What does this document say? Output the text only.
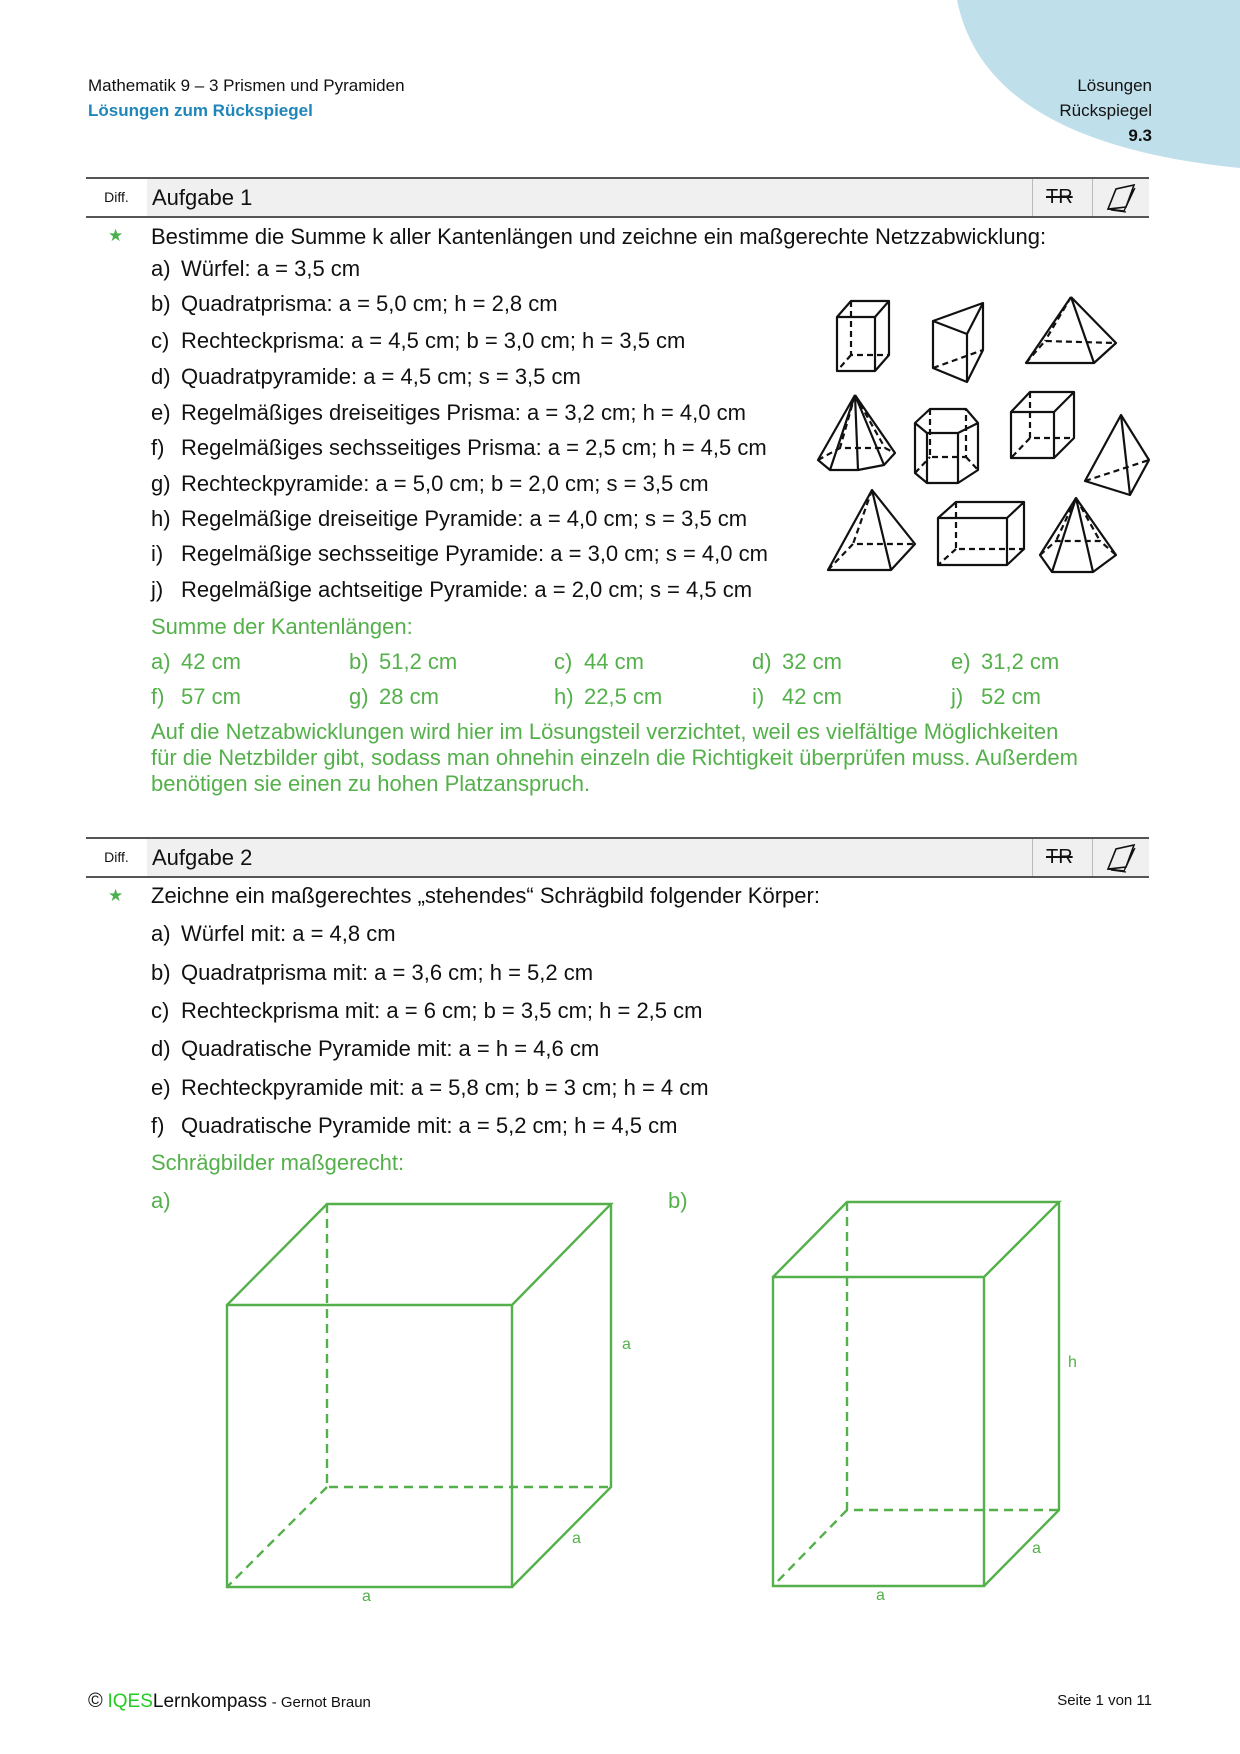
Mathematik 9 – 3 Prismen und Pyramiden
Lösungen zum Rückspiegel
Lösungen
Rückspiegel
9.3
Diff.	Aufgabe 1	TR
★ Bestimme die Summe k aller Kantenlängen und zeichne ein maßgerechte Netzzabwicklung:
a) Würfel: a = 3,5 cm
b) Quadratprisma: a = 5,0 cm; h = 2,8 cm
c) Rechteckprisma: a = 4,5 cm; b = 3,0 cm; h = 3,5 cm
d) Quadratpyramide: a = 4,5 cm; s = 3,5 cm
e) Regelmäßiges dreiseitiges Prisma: a = 3,2 cm; h = 4,0 cm
f) Regelmäßiges sechsseitiges Prisma: a = 2,5 cm; h = 4,5 cm
g) Rechteckpyramide: a = 5,0 cm; b = 2,0 cm; s = 3,5 cm
h) Regelmäßige dreiseitige Pyramide: a = 4,0 cm; s = 3,5 cm
i) Regelmäßige sechsseitige Pyramide: a = 3,0 cm; s = 4,0 cm
j) Regelmäßige achtseitige Pyramide: a = 2,0 cm; s = 4,5 cm
Summe der Kantenlängen:
a) 42 cm	b) 51,2 cm	c) 44 cm	d) 32 cm	e) 31,2 cm
f) 57 cm	g) 28 cm	h) 22,5 cm	i) 42 cm	j) 52 cm
Auf die Netzabwicklungen wird hier im Lösungsteil verzichtet, weil es vielfältige Möglichkeiten
für die Netzbilder gibt, sodass man ohnehin einzeln die Richtigkeit überprüfen muss. Außerdem
benötigen sie einen zu hohen Platzanspruch.
Diff.	Aufgabe 2	TR
★ Zeichne ein maßgerechtes „stehendes“ Schrägbild folgender Körper:
a) Würfel mit: a = 4,8 cm
b) Quadratprisma mit: a = 3,6 cm; h = 5,2 cm
c) Rechteckprisma mit: a = 6 cm; b = 3,5 cm; h = 2,5 cm
d) Quadratische Pyramide mit: a = h = 4,6 cm
e) Rechteckpyramide mit: a = 5,8 cm; b = 3 cm; h = 4 cm
f) Quadratische Pyramide mit: a = 5,2 cm; h = 4,5 cm
Schrägbilder maßgerecht:
a)	b)
a
a
a
h
a
a
© IQESLernkompass - Gernot Braun	Seite 1 von 11
